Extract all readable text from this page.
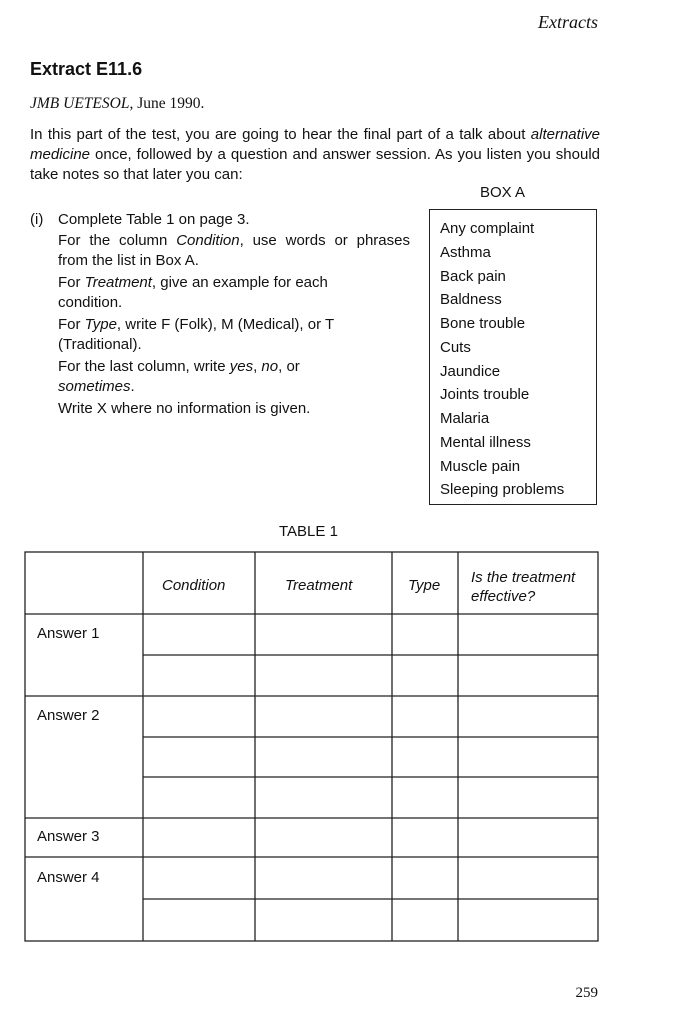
Extracts
Extract E11.6
JMB UETESOL, June 1990.
In this part of the test, you are going to hear the final part of a talk about alternative medicine once, followed by a question and answer session. As you listen you should take notes so that later you can:
BOX A
(i) Complete Table 1 on page 3.
For the column Condition, use words or phrases from the list in Box A.
For Treatment, give an example for each condition.
For Type, write F (Folk), M (Medical), or T (Traditional).
For the last column, write yes, no, or sometimes.
Write X where no information is given.
Any complaint
Asthma
Back pain
Baldness
Bone trouble
Cuts
Jaundice
Joints trouble
Malaria
Mental illness
Muscle pain
Sleeping problems
TABLE 1
Condition	Treatment	Type Is the treatment
effective?
Answer 1
Answer 2
Answer 3
Answer 4
259
